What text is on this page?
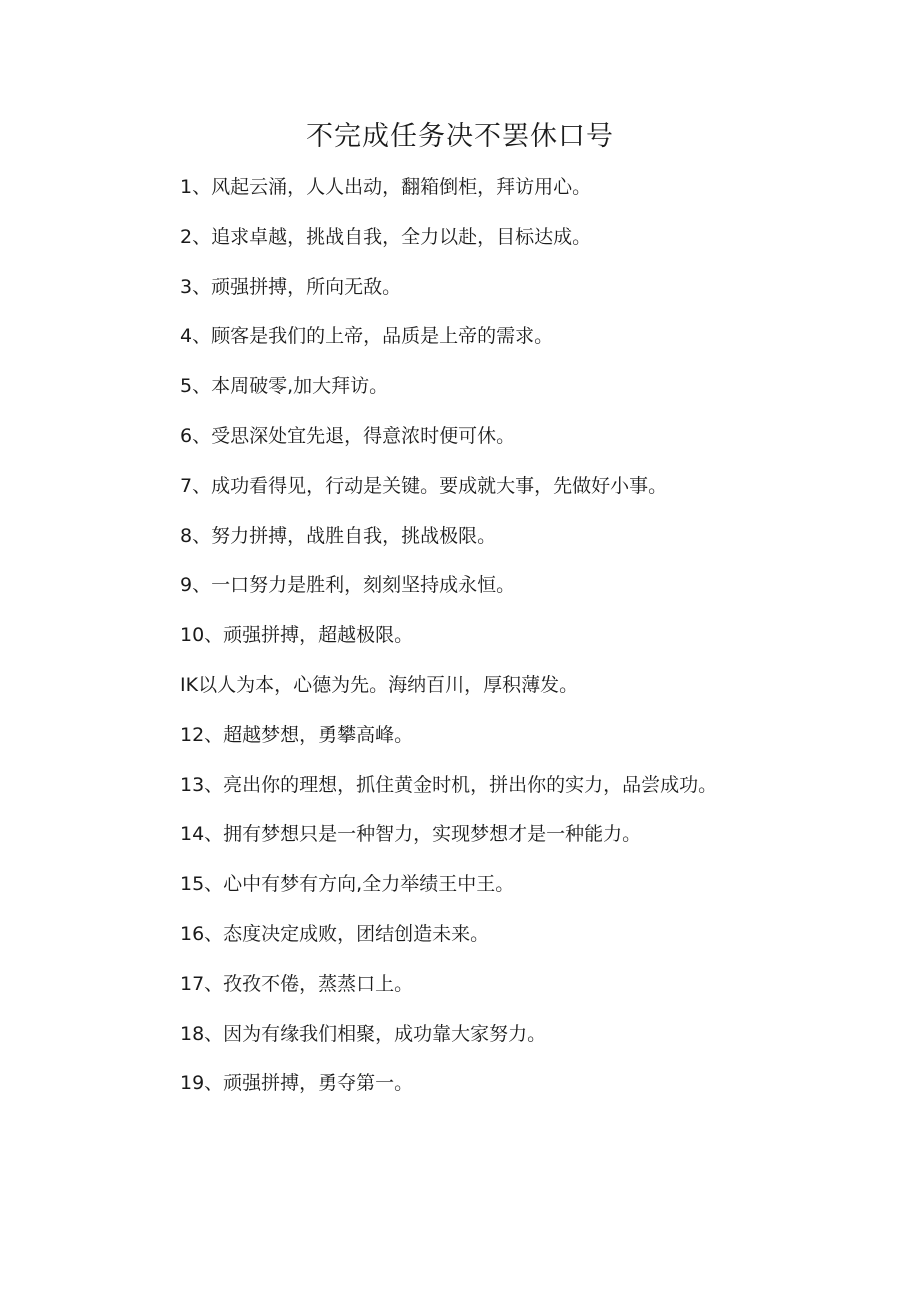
不完成任务决不罢休口号
1、风起云涌，人人出动，翻箱倒柜，拜访用心。
2、追求卓越，挑战自我，全力以赴，目标达成。
3、顽强拼搏，所向无敌。
4、顾客是我们的上帝，品质是上帝的需求。
5、本周破零,加大拜访。
6、受思深处宜先退，得意浓时便可休。
7、成功看得见，行动是关键。要成就大事，先做好小事。
8、努力拼搏，战胜自我，挑战极限。
9、一口努力是胜利，刻刻坚持成永恒。
10、顽强拼搏，超越极限。
IK以人为本，心德为先。海纳百川，厚积薄发。
12、超越梦想，勇攀高峰。
13、亮出你的理想，抓住黄金时机，拼出你的实力，品尝成功。
14、拥有梦想只是一种智力，实现梦想才是一种能力。
15、心中有梦有方向,全力举绩王中王。
16、态度决定成败，团结创造未来。
17、孜孜不倦，蒸蒸口上。
18、因为有缘我们相聚，成功靠大家努力。
19、顽强拼搏，勇夺第一。
